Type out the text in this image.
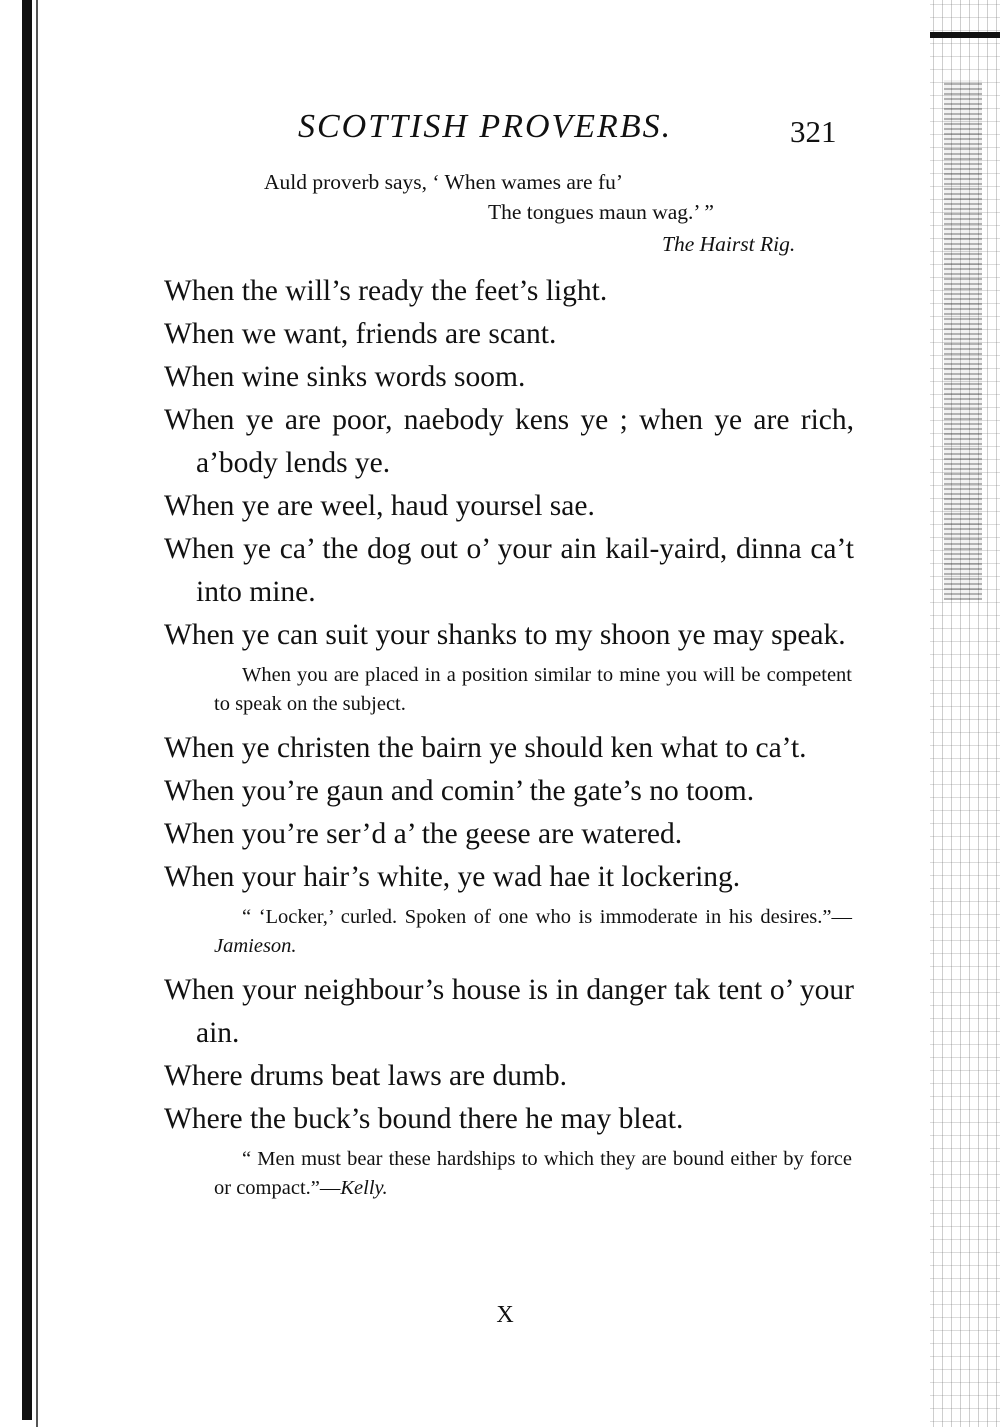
SCOTTISH PROVERBS.	321
Auld proverb says, ‘ When wames are fu’
The tongues maun wag.’ ”
The Hairst Rig.
When the will’s ready the feet’s light.
When we want, friends are scant.
When wine sinks words soom.
When ye are poor, naebody kens ye ; when ye are rich, a’body lends ye.
When ye are weel, haud yoursel sae.
When ye ca’ the dog out o’ your ain kail-yaird, dinna ca’t into mine.
When ye can suit your shanks to my shoon ye may speak.
When you are placed in a position similar to mine you will be competent to speak on the subject.
When ye christen the bairn ye should ken what to ca’t.
When you’re gaun and comin’ the gate’s no toom.
When you’re ser’d a’ the geese are watered.
When your hair’s white, ye wad hae it lockering.
“ ‘Locker,’ curled. Spoken of one who is immoderate in his desires.”—Jamieson.
When your neighbour’s house is in danger tak tent o’ your ain.
Where drums beat laws are dumb.
Where the buck’s bound there he may bleat.
“ Men must bear these hardships to which they are bound either by force or compact.”—Kelly.
X
